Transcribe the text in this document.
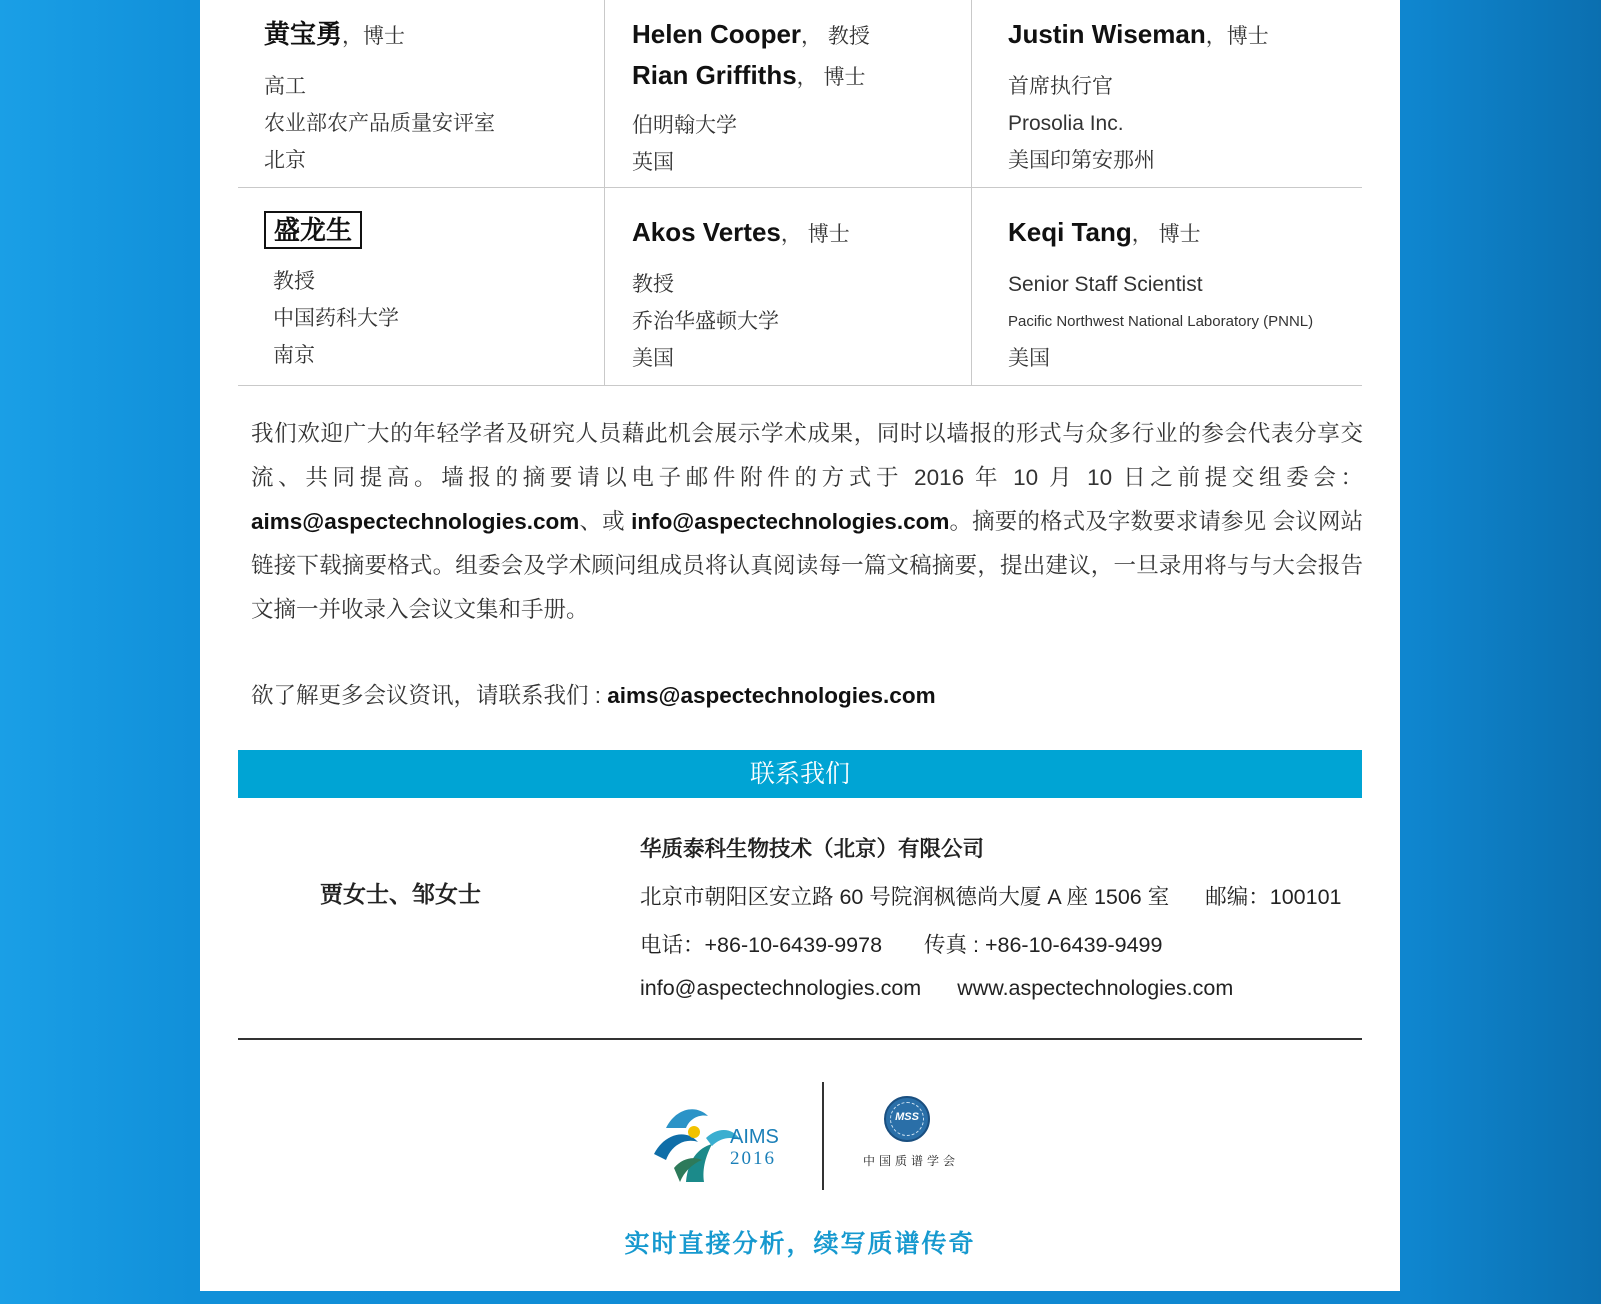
黄宝勇，博士
高工
农业部农产品质量安评室
北京
Helen Cooper， 教授
Rian Griffiths， 博士
伯明翰大学
英国
Justin Wiseman，博士
首席执行官
Prosolia Inc.
美国印第安那州
盛龙生
教授
中国药科大学
南京
Akos Vertes， 博士
教授
乔治华盛顿大学
美国
Keqi Tang， 博士
Senior Staff Scientist
Pacific Northwest National Laboratory (PNNL)
美国
我们欢迎广大的年轻学者及研究人员藉此机会展示学术成果，同时以墙报的形式与众多行业的参会代表分享交流、共同提高。墙报的摘要请以电子邮件附件的方式于 2016 年 10 月 10 日之前提交组委会：aims@aspectechnologies.com、或 info@aspectechnologies.com。摘要的格式及字数要求请参见 会议网站 链接下载摘要格式。组委会及学术顾问组成员将认真阅读每一篇文稿摘要，提出建议，一旦录用将与与大会报告文摘一并收录入会议文集和手册。
欲了解更多会议资讯，请联系我们 : aims@aspectechnologies.com
联系我们
贾女士、邹女士
华质泰科生物技术（北京）有限公司
北京市朝阳区安立路 60 号院润枫德尚大厦 A 座 1506 室 邮编：100101
电话：+86-10-6439-9978 传真 : +86-10-6439-9499
info@aspectechnologies.com www.aspectechnologies.com
AIMS
2016
MSS
中国质谱学会
实时直接分析，续写质谱传奇
